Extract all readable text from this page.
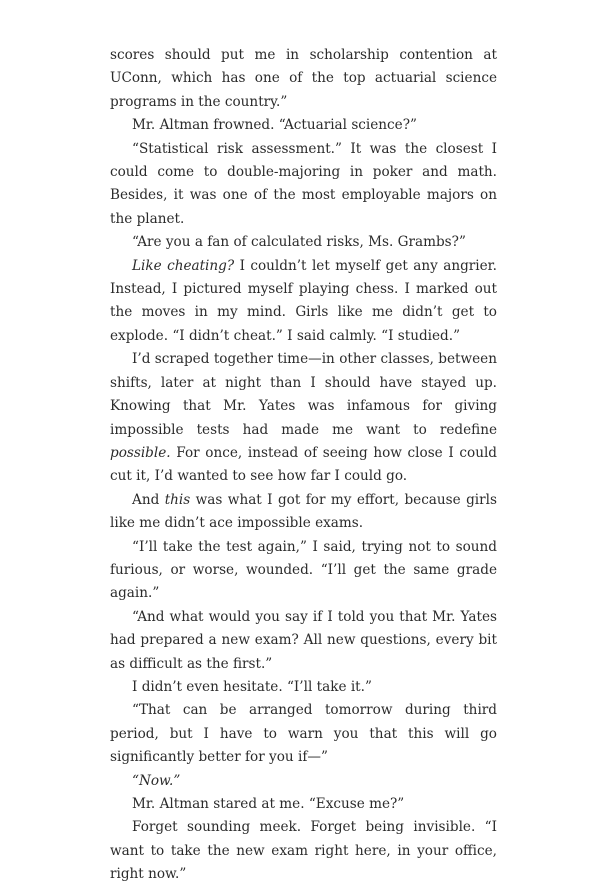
scores should put me in scholarship contention at UConn, which has one of the top actuarial science programs in the country.”

Mr. Altman frowned. “Actuarial science?”

“Statistical risk assessment.” It was the closest I could come to double-majoring in poker and math. Besides, it was one of the most employable majors on the planet.

“Are you a fan of calculated risks, Ms. Grambs?”

Like cheating? I couldn’t let myself get any angrier. Instead, I pictured myself playing chess. I marked out the moves in my mind. Girls like me didn’t get to explode. “I didn’t cheat.” I said calmly. “I studied.”

I’d scraped together time—in other classes, between shifts, later at night than I should have stayed up. Knowing that Mr. Yates was infamous for giving impossible tests had made me want to redefine possible. For once, instead of seeing how close I could cut it, I’d wanted to see how far I could go.

And this was what I got for my effort, because girls like me didn’t ace impossible exams.

“I’ll take the test again,” I said, trying not to sound furious, or worse, wounded. “I’ll get the same grade again.”

“And what would you say if I told you that Mr. Yates had prepared a new exam? All new questions, every bit as difficult as the first.”

I didn’t even hesitate. “I’ll take it.”

“That can be arranged tomorrow during third period, but I have to warn you that this will go significantly better for you if—”

“Now.”

Mr. Altman stared at me. “Excuse me?”

Forget sounding meek. Forget being invisible. “I want to take the new exam right here, in your office, right now.”
